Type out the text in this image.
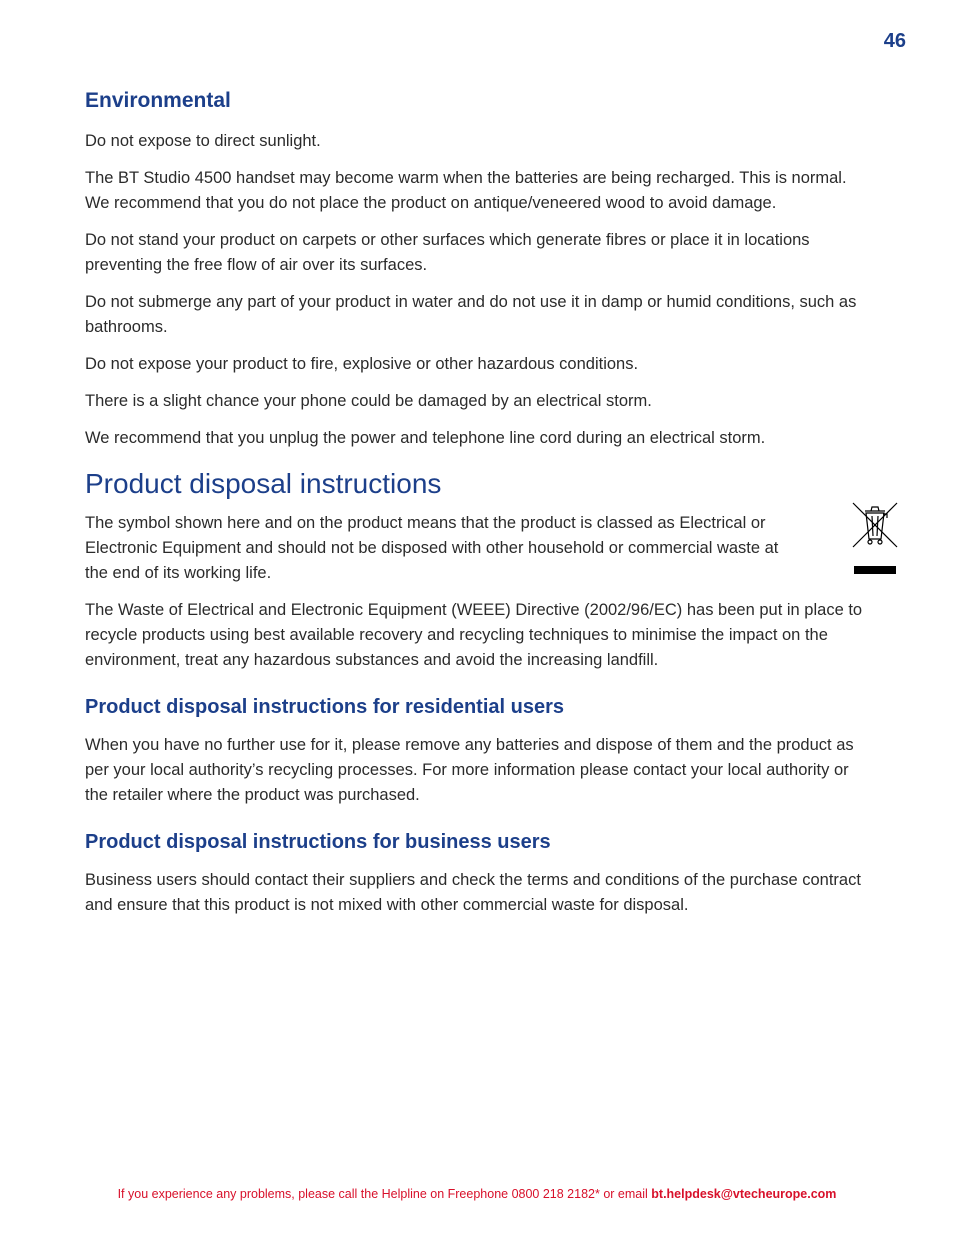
46
Environmental

Do not expose to direct sunlight.

The BT Studio 4500 handset may become warm when the batteries are being recharged. This is normal. We recommend that you do not place the product on antique/veneered wood to avoid damage.

Do not stand your product on carpets or other surfaces which generate fibres or place it in locations preventing the free flow of air over its surfaces.

Do not submerge any part of your product in water and do not use it in damp or humid conditions, such as bathrooms.

Do not expose your product to fire, explosive or other hazardous conditions.

There is a slight chance your phone could be damaged by an electrical storm.

We recommend that you unplug the power and telephone line cord during an electrical storm.

Product disposal instructions

The symbol shown here and on the product means that the product is classed as Electrical or Electronic Equipment and should not be disposed with other household or commercial waste at the end of its working life.

The Waste of Electrical and Electronic Equipment (WEEE) Directive (2002/96/EC) has been put in place to recycle products using best available recovery and recycling techniques to minimise the impact on the environment, treat any hazardous substances and avoid the increasing landfill.

Product disposal instructions for residential users

When you have no further use for it, please remove any batteries and dispose of them and the product as per your local authority’s recycling processes. For more information please contact your local authority or the retailer where the product was purchased.

Product disposal instructions for business users

Business users should contact their suppliers and check the terms and conditions of the purchase contract and ensure that this product is not mixed with other commercial waste for disposal.

If you experience any problems, please call the Helpline on Freephone 0800 218 2182* or email bt.helpdesk@vtecheurope.com
